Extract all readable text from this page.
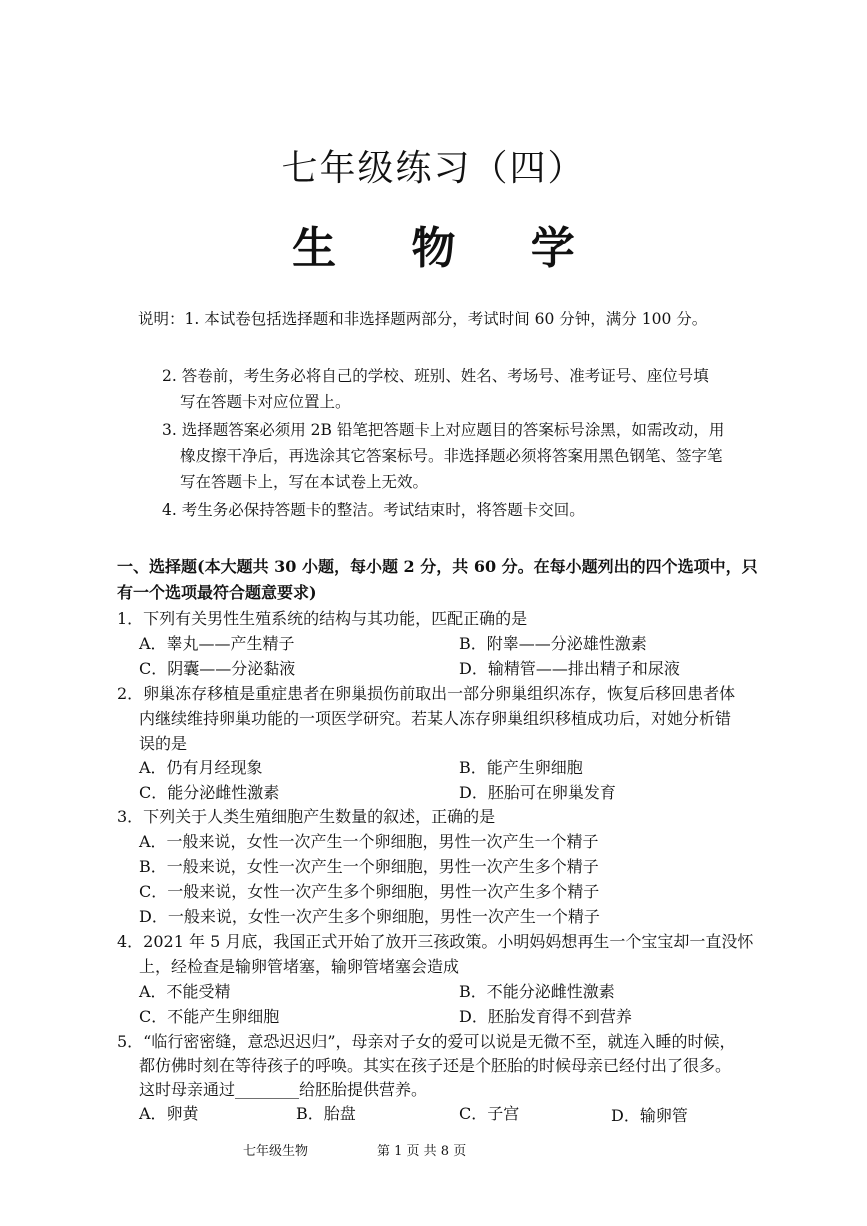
七年级练习（四）
生 物 学
说明：1. 本试卷包括选择题和非选择题两部分，考试时间 60 分钟，满分 100 分。
2. 答卷前，考生务必将自己的学校、班别、姓名、考场号、准考证号、座位号填
写在答题卡对应位置上。
3. 选择题答案必须用 2B 铅笔把答题卡上对应题目的答案标号涂黑，如需改动，用
橡皮擦干净后，再选涂其它答案标号。非选择题必须将答案用黑色钢笔、签字笔
写在答题卡上，写在本试卷上无效。
4. 考生务必保持答题卡的整洁。考试结束时，将答题卡交回。
一、选择题(本大题共 30 小题，每小题 2 分，共 60 分。在每小题列出的四个选项中，只
有一个选项最符合题意要求)
1．下列有关男性生殖系统的结构与其功能，匹配正确的是
A．睾丸——产生精子	B．附睾——分泌雄性激素
C．阴囊——分泌黏液	D．输精管——排出精子和尿液
2．卵巢冻存移植是重症患者在卵巢损伤前取出一部分卵巢组织冻存，恢复后移回患者体
内继续维持卵巢功能的一项医学研究。若某人冻存卵巢组织移植成功后，对她分析错
误的是
A．仍有月经现象	B．能产生卵细胞
C．能分泌雌性激素	D．胚胎可在卵巢发育
3．下列关于人类生殖细胞产生数量的叙述，正确的是
A．一般来说，女性一次产生一个卵细胞，男性一次产生一个精子
B．一般来说，女性一次产生一个卵细胞，男性一次产生多个精子
C．一般来说，女性一次产生多个卵细胞，男性一次产生多个精子
D．一般来说，女性一次产生多个卵细胞，男性一次产生一个精子
4．2021 年 5 月底，我国正式开始了放开三孩政策。小明妈妈想再生一个宝宝却一直没怀
上，经检查是输卵管堵塞，输卵管堵塞会造成
A．不能受精	B．不能分泌雌性激素
C．不能产生卵细胞	D．胚胎发育得不到营养
5．“临行密密缝，意恐迟迟归”，母亲对子女的爱可以说是无微不至，就连入睡的时候，
都仿佛时刻在等待孩子的呼唤。其实在孩子还是个胚胎的时候母亲已经付出了很多。
这时母亲通过________给胚胎提供营养。
A．卵黄	B．胎盘	C．子宫	D．输卵管
七年级生物	第 1 页 共 8 页
